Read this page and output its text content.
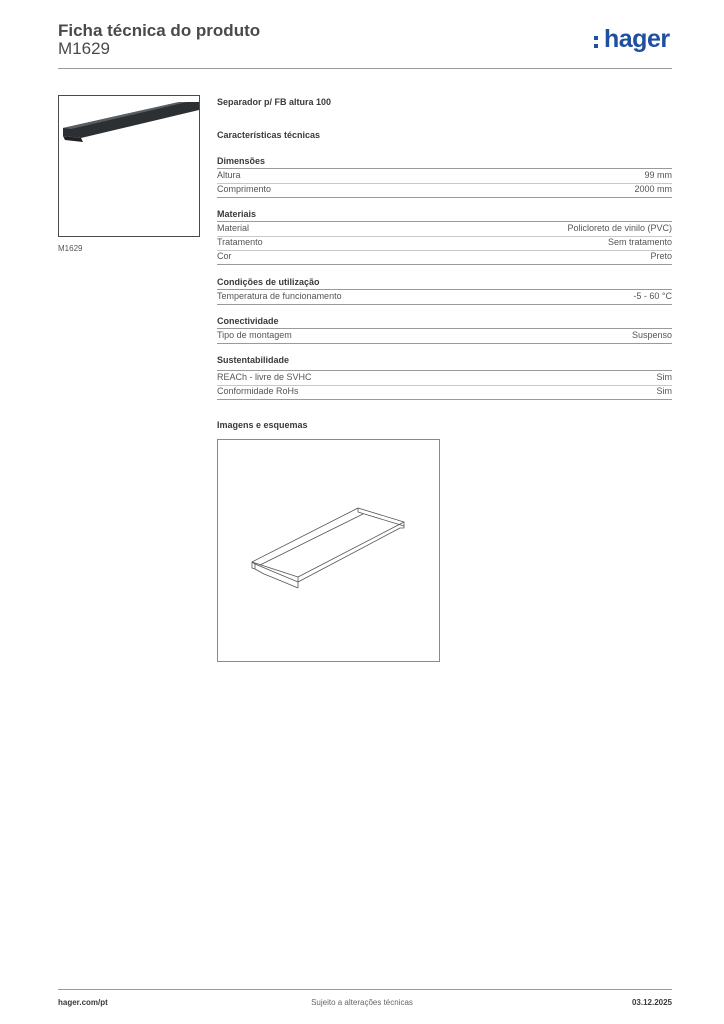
Ficha técnica do produto
M1629	hager
M1629
Separador p/ FB altura 100
Características técnicas
Dimensões
Altura	99 mm
Comprimento	2000 mm
Materiais
Material	Policloreto de vinilo (PVC)
Tratamento	Sem tratamento
Cor	Preto
Condições de utilização
Temperatura de funcionamento	-5 - 60 °C
Conectividade
Tipo de montagem	Suspenso
Sustentabilidade
REACh - livre de SVHC	Sim
Conformidade RoHs	Sim
Imagens e esquemas
hager.com/pt	Sujeito a alterações técnicas	03.12.2025
